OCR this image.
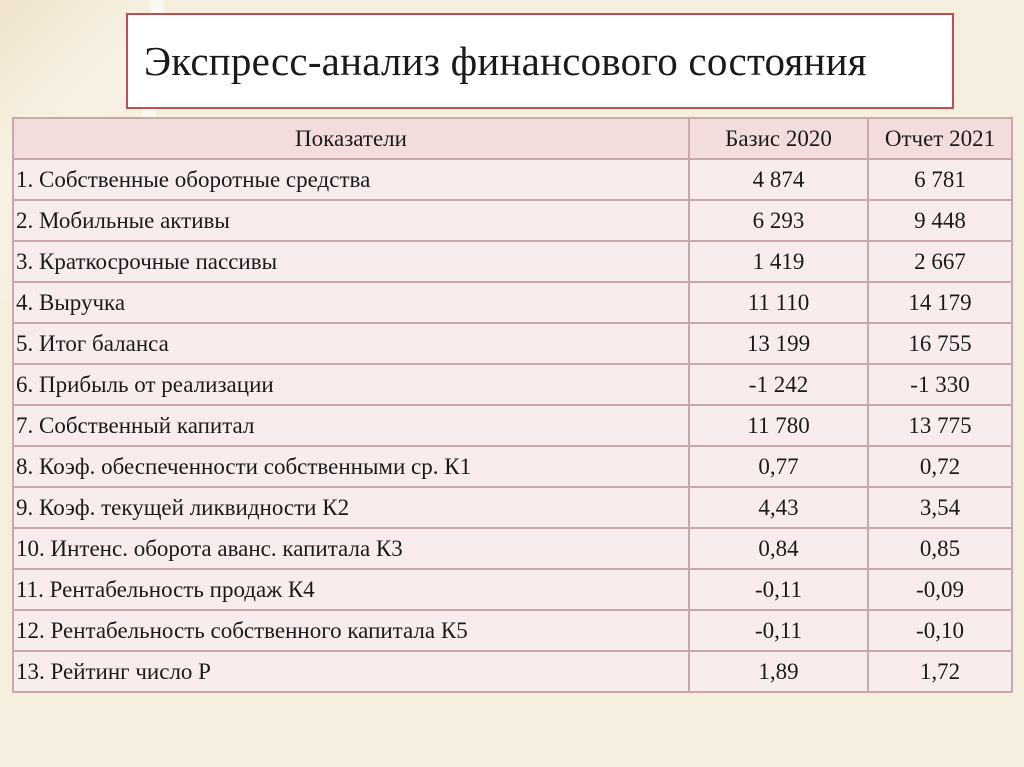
Экспресс-анализ финансового состояния
Показатели	Базис 2020	Отчет 2021
1. Собственные оборотные средства	4 874	6 781
2. Мобильные активы	6 293	9 448
3. Краткосрочные пассивы	1 419	2 667
4. Выручка	11 110	14 179
5. Итог баланса	13 199	16 755
6. Прибыль от реализации	-1 242	-1 330
7. Собственный капитал	11 780	13 775
8. Коэф. обеспеченности собственными ср. К1	0,77	0,72
9. Коэф. текущей ликвидности К2	4,43	3,54
10. Интенс. оборота аванс. капитала К3	0,84	0,85
11. Рентабельность продаж К4	-0,11	-0,09
12. Рентабельность собственного капитала К5	-0,11	-0,10
13. Рейтинг число Р	1,89	1,72
